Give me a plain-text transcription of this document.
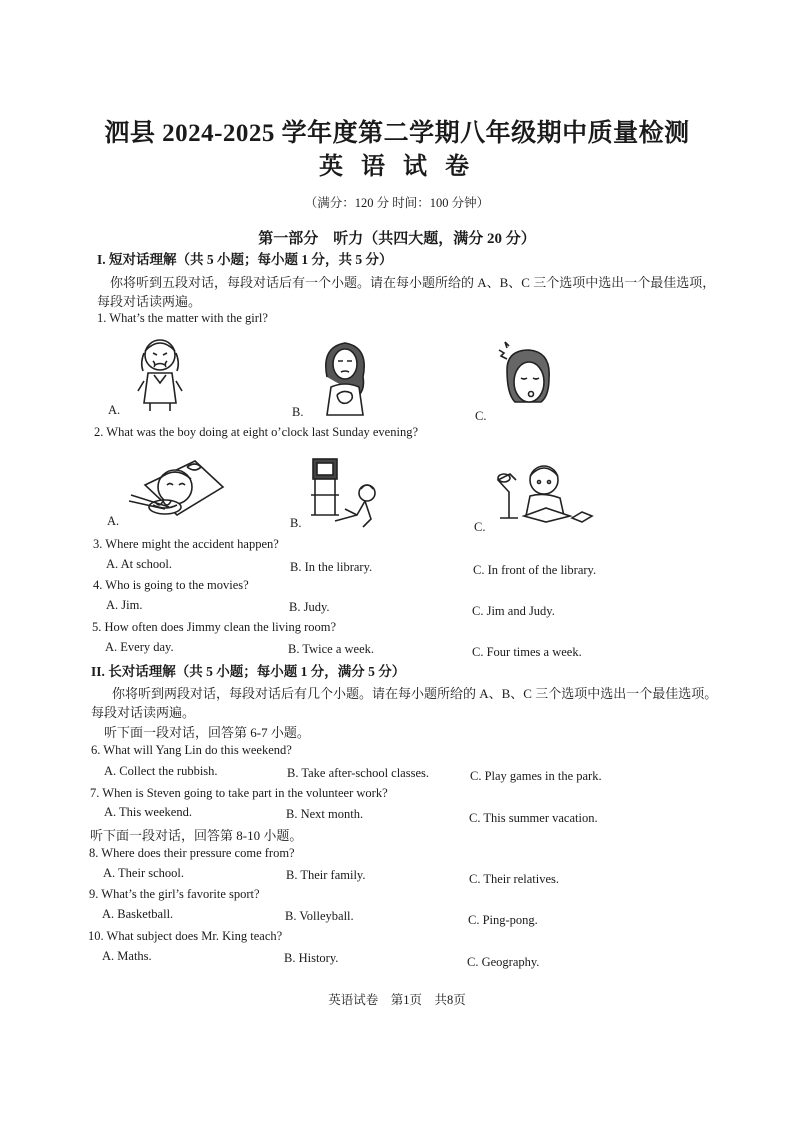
泗县 2024-2025 学年度第二学期八年级期中质量检测
英 语 试 卷
（满分：120 分 时间：100 分钟）
第一部分　听力（共四大题，满分 20 分）
I. 短对话理解（共 5 小题；每小题 1 分，共 5 分）
你将听到五段对话，每段对话后有一个小题。请在每小题所给的 A、B、C 三个选项中选出一个最佳选项，
每段对话读两遍。
1. What’s the matter with the girl?
A.	B.	C.
2. What was the boy doing at eight o’clock last Sunday evening?
A.	B.	C.
3. Where might the accident happen?
A. At school.	B. In the library.	C. In front of the library.
4. Who is going to the movies?
A. Jim.	B. Judy.	C. Jim and Judy.
5. How often does Jimmy clean the living room?
A. Every day.	B. Twice a week.	C. Four times a week.
II. 长对话理解（共 5 小题；每小题 1 分，满分 5 分）
你将听到两段对话，每段对话后有几个小题。请在每小题所给的 A、B、C 三个选项中选出一个最佳选项。
每段对话读两遍。
听下面一段对话，回答第 6-7 小题。
6. What will Yang Lin do this weekend?
A. Collect the rubbish.	B. Take after-school classes.	C. Play games in the park.
7. When is Steven going to take part in the volunteer work?
A. This weekend.	B. Next month.	C. This summer vacation.
听下面一段对话，回答第 8-10 小题。
8. Where does their pressure come from?
A. Their school.	B. Their family.	C. Their relatives.
9. What’s the girl’s favorite sport?
A. Basketball.	B. Volleyball.	C. Ping-pong.
10. What subject does Mr. King teach?
A. Maths.	B. History.	C. Geography.
英语试卷　第1页　共8页
